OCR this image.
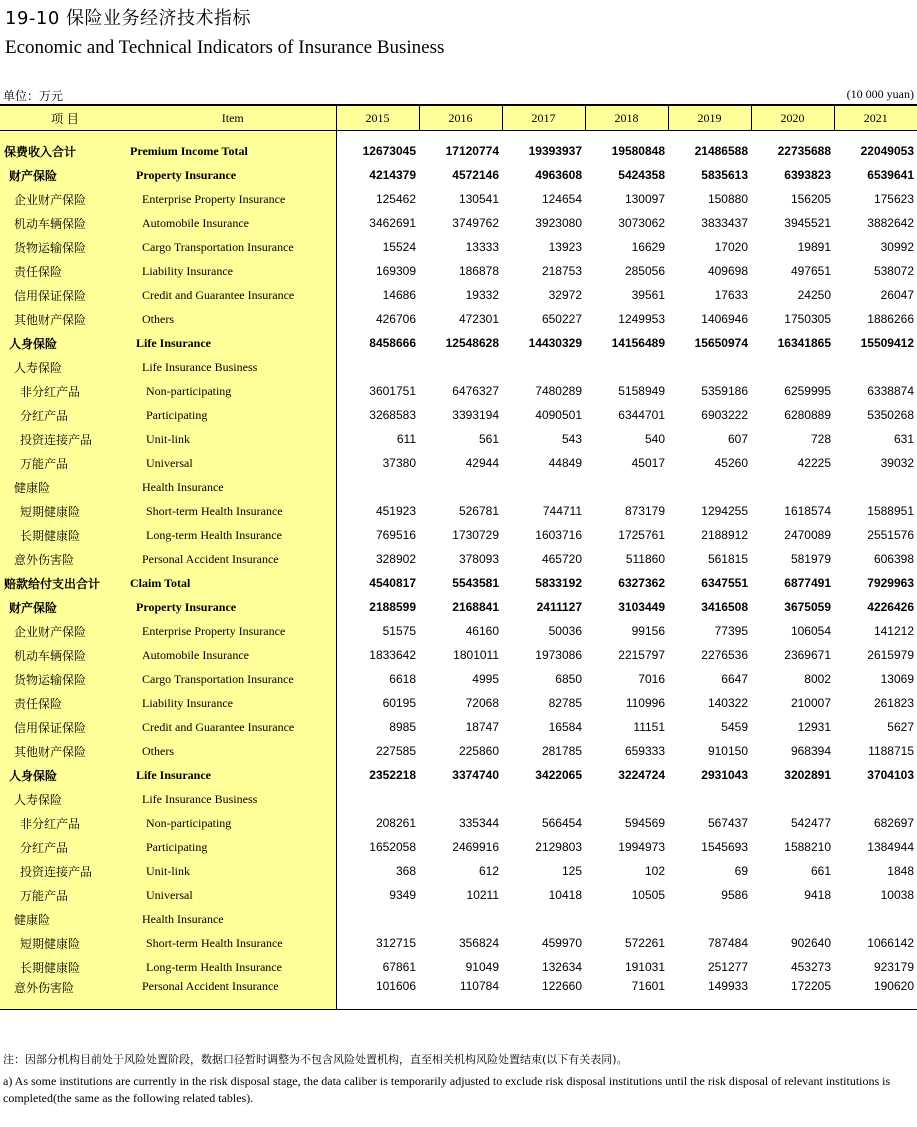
19-10 保险业务经济技术指标
Economic and Technical Indicators of Insurance Business
单位：万元	(10 000 yuan)
项 目	Item	2015	2016	2017	2018	2019	2020	2021

保费收入合计	Premium Income Total	12673045	17120774	19393937	19580848	21486588	22735688	22049053
财产保险	Property Insurance	4214379	4572146	4963608	5424358	5835613	6393823	6539641
企业财产保险	Enterprise Property Insurance	125462	130541	124654	130097	150880	156205	175623
机动车辆保险	Automobile Insurance	3462691	3749762	3923080	3073062	3833437	3945521	3882642
货物运输保险	Cargo Transportation Insurance	15524	13333	13923	16629	17020	19891	30992
责任保险	Liability Insurance	169309	186878	218753	285056	409698	497651	538072
信用保证保险	Credit and Guarantee Insurance	14686	19332	32972	39561	17633	24250	26047
其他财产保险	Others	426706	472301	650227	1249953	1406946	1750305	1886266
人身保险	Life Insurance	8458666	12548628	14430329	14156489	15650974	16341865	15509412
人寿保险	Life Insurance Business							
非分红产品	Non-participating	3601751	6476327	7480289	5158949	5359186	6259995	6338874
分红产品	Participating	3268583	3393194	4090501	6344701	6903222	6280889	5350268
投资连接产品	Unit-link	611	561	543	540	607	728	631
万能产品	Universal	37380	42944	44849	45017	45260	42225	39032
健康险	Health Insurance							
短期健康险	Short-term Health Insurance	451923	526781	744711	873179	1294255	1618574	1588951
长期健康险	Long-term Health Insurance	769516	1730729	1603716	1725761	2188912	2470089	2551576
意外伤害险	Personal Accident Insurance	328902	378093	465720	511860	561815	581979	606398
赔款给付支出合计	Claim Total	4540817	5543581	5833192	6327362	6347551	6877491	7929963
财产保险	Property Insurance	2188599	2168841	2411127	3103449	3416508	3675059	4226426
企业财产保险	Enterprise Property Insurance	51575	46160	50036	99156	77395	106054	141212
机动车辆保险	Automobile Insurance	1833642	1801011	1973086	2215797	2276536	2369671	2615979
货物运输保险	Cargo Transportation Insurance	6618	4995	6850	7016	6647	8002	13069
责任保险	Liability Insurance	60195	72068	82785	110996	140322	210007	261823
信用保证保险	Credit and Guarantee Insurance	8985	18747	16584	11151	5459	12931	5627
其他财产保险	Others	227585	225860	281785	659333	910150	968394	1188715
人身保险	Life Insurance	2352218	3374740	3422065	3224724	2931043	3202891	3704103
人寿保险	Life Insurance Business							
非分红产品	Non-participating	208261	335344	566454	594569	567437	542477	682697
分红产品	Participating	1652058	2469916	2129803	1994973	1545693	1588210	1384944
投资连接产品	Unit-link	368	612	125	102	69	661	1848
万能产品	Universal	9349	10211	10418	10505	9586	9418	10038
健康险	Health Insurance							
短期健康险	Short-term Health Insurance	312715	356824	459970	572261	787484	902640	1066142
长期健康险	Long-term Health Insurance	67861	91049	132634	191031	251277	453273	923179
意外伤害险	Personal Accident Insurance	101606	110784	122660	71601	149933	172205	190620
注：因部分机构目前处于风险处置阶段，数据口径暂时调整为不包含风险处置机构，直至相关机构风险处置结束(以下有关表同)。
a) As some institutions are currently in the risk disposal stage, the data caliber is temporarily adjusted to exclude risk disposal institutions until the risk disposal of relevant institutions is completed(the same as the following related tables).
